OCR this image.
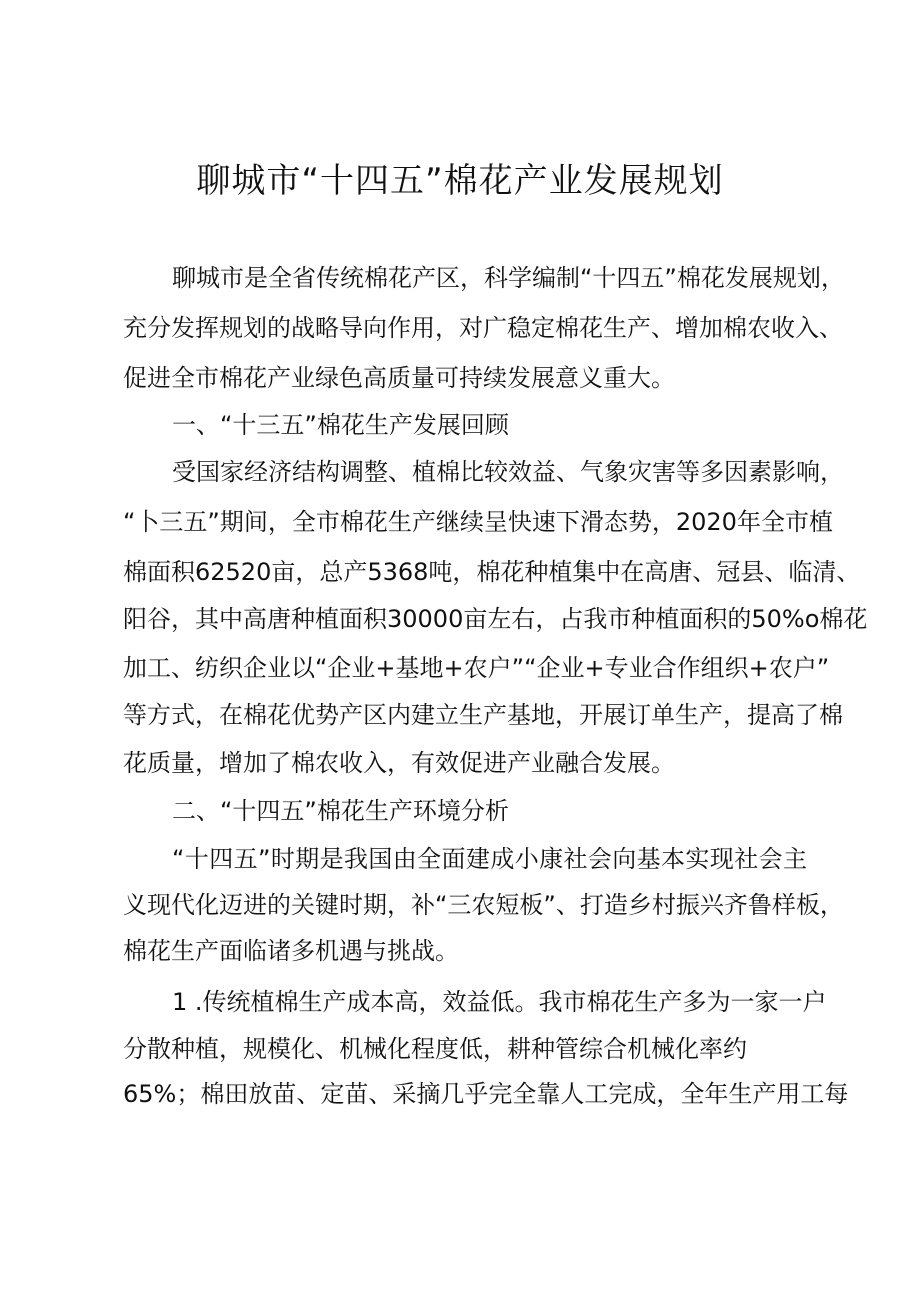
聊城市“十四五”棉花产业发展规划
聊城市是全省传统棉花产区，科学编制“十四五”棉花发展规划，
充分发挥规划的战略导向作用，对广稳定棉花生产、增加棉农收入、
促进全市棉花产业绿色高质量可持续发展意义重大。
一、“十三五”棉花生产发展回顾
受国家经济结构调整、植棉比较效益、气象灾害等多因素影响，
“卜三五”期间，全市棉花生产继续呈快速下滑态势，2020年全市植
棉面积62520亩，总产5368吨，棉花种植集中在高唐、冠县、临清、
阳谷，其中高唐种植面积30000亩左右，占我市种植面积的50%o棉花
加工、纺织企业以“企业+基地+农户”“企业+专业合作组织+农户”
等方式，在棉花优势产区内建立生产基地，开展订单生产，提高了棉
花质量，增加了棉农收入，有效促进产业融合发展。
二、“十四五”棉花生产环境分析
“十四五”时期是我国由全面建成小康社会向基本实现社会主
义现代化迈进的关键时期，补“三农短板”、打造乡村振兴齐鲁样板，
棉花生产面临诸多机遇与挑战。
1 .传统植棉生产成本高，效益低。我市棉花生产多为一家一户
分散种植，规模化、机械化程度低，耕种管综合机械化率约
65%；棉田放苗、定苗、采摘几乎完全靠人工完成，全年生产用工每
